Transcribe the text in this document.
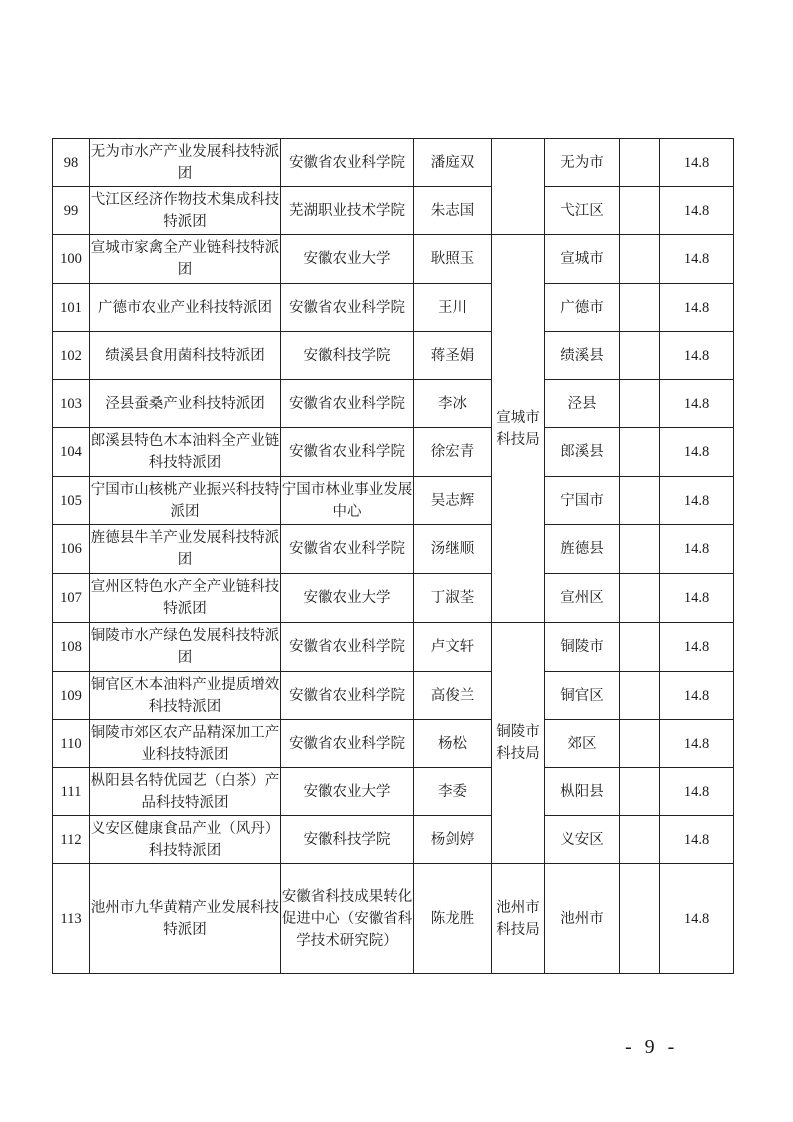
98	无为市水产产业发展科技特派团	安徽省农业科学院	潘庭双		无为市		14.8
99	弋江区经济作物技术集成科技特派团	芜湖职业技术学院	朱志国		弋江区		14.8
100	宣城市家禽全产业链科技特派团	安徽农业大学	耿照玉	宣城市科技局	宣城市		14.8
101	广德市农业产业科技特派团	安徽省农业科学院	王川		广德市		14.8
102	绩溪县食用菌科技特派团	安徽科技学院	蒋圣娟		绩溪县		14.8
103	泾县蚕桑产业科技特派团	安徽省农业科学院	李冰		泾县		14.8
104	郎溪县特色木本油料全产业链科技特派团	安徽省农业科学院	徐宏青		郎溪县		14.8
105	宁国市山核桃产业振兴科技特派团	宁国市林业事业发展中心	吴志辉		宁国市		14.8
106	旌德县牛羊产业发展科技特派团	安徽省农业科学院	汤继顺		旌德县		14.8
107	宣州区特色水产全产业链科技特派团	安徽农业大学	丁淑荃		宣州区		14.8
108	铜陵市水产绿色发展科技特派团	安徽省农业科学院	卢文轩	铜陵市科技局	铜陵市		14.8
109	铜官区木本油料产业提质增效科技特派团	安徽省农业科学院	高俊兰		铜官区		14.8
110	铜陵市郊区农产品精深加工产业科技特派团	安徽省农业科学院	杨松		郊区		14.8
111	枞阳县名特优园艺（白茶）产品科技特派团	安徽农业大学	李委		枞阳县		14.8
112	义安区健康食品产业（风丹）科技特派团	安徽科技学院	杨剑婷		义安区		14.8
113	池州市九华黄精产业发展科技特派团	安徽省科技成果转化促进中心（安徽省科学技术研究院）	陈龙胜	池州市科技局	池州市		14.8
- 9 -
